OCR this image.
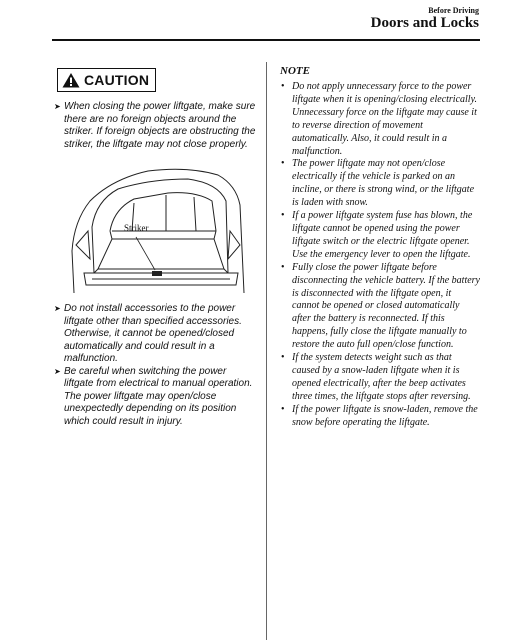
Before Driving
Doors and Locks
CAUTION
➤ When closing the power liftgate, make sure there are no foreign objects around the striker. If foreign objects are obstructing the striker, the liftgate may not close properly.
Striker
➤ Do not install accessories to the power liftgate other than specified accessories. Otherwise, it cannot be opened/closed automatically and could result in a malfunction.
➤ Be careful when switching the power liftgate from electrical to manual operation. The power liftgate may open/close unexpectedly depending on its position which could result in injury.
NOTE
• Do not apply unnecessary force to the power liftgate when it is opening/closing electrically. Unnecessary force on the liftgate may cause it to reverse direction of movement automatically. Also, it could result in a malfunction.
• The power liftgate may not open/close electrically if the vehicle is parked on an incline, or there is strong wind, or the liftgate is laden with snow.
• If a power liftgate system fuse has blown, the liftgate cannot be opened using the power liftgate switch or the electric liftgate opener. Use the emergency lever to open the liftgate.
• Fully close the power liftgate before disconnecting the vehicle battery. If the battery is disconnected with the liftgate open, it cannot be opened or closed automatically after the battery is reconnected. If this happens, fully close the liftgate manually to restore the auto full open/close function.
• If the system detects weight such as that caused by a snow-laden liftgate when it is opened electrically, after the beep activates three times, the liftgate stops after reversing.
• If the power liftgate is snow-laden, remove the snow before operating the liftgate.
